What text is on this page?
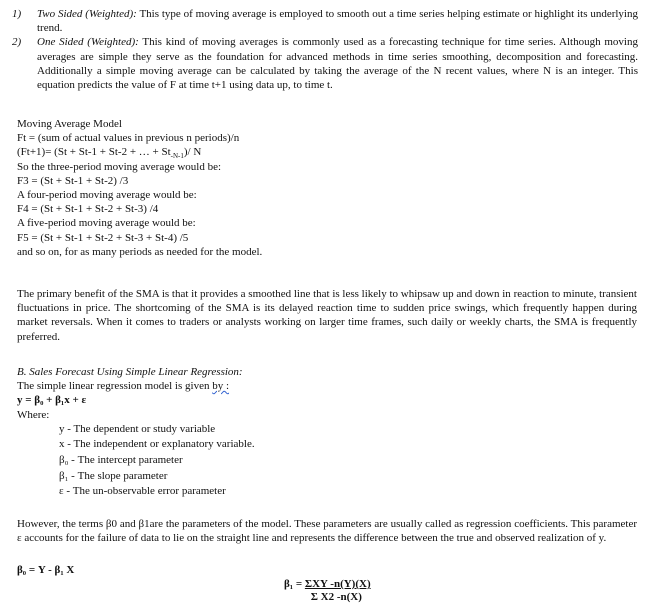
1)	Two Sided (Weighted): This type of moving average is employed to smooth out a time series helping estimate or highlight its underlying trend.
2)	One Sided (Weighted): This kind of moving averages is commonly used as a forecasting technique for time series. Although moving averages are simple they serve as the foundation for advanced methods in time series smoothing, decomposition and forecasting. Additionally a simple moving average can be calculated by taking the average of the N recent values, where N is an integer. This equation predicts the value of F at time t+1 using data up, to time t.
Moving Average Model
Ft = (sum of actual values in previous n periods)/n
(Ft+1)= (St + St-1 + St-2 + … + $St_{-N-1})/$ N
So the three-period moving average would be:
F3 = (St + St-1 + St-2) /3
A four-period moving average would be:
F4 = (St + St-1 + St-2 + St-3) /4
A five-period moving average would be:
F5 = (St + St-1 + St-2 + St-3 + St-4) /5
and so on, for as many periods as needed for the model.
The primary benefit of the SMA is that it provides a smoothed line that is less likely to whipsaw up and down in reaction to minute, transient fluctuations in price. The shortcoming of the SMA is its delayed reaction time to sudden price swings, which frequently happen during market reversals. When it comes to traders or analysts working on larger time frames, such daily or weekly charts, the SMA is frequently preferred.
B. Sales Forecast Using Simple Linear Regression:
The simple linear regression model is given by :
y = β₀ + β₁x + ε
Where:
y - The dependent or study variable
x - The independent or explanatory variable.
β₀ - The intercept parameter
β₁ - The slope parameter
ε - The un-observable error parameter
However, the terms β0 and β1are the parameters of the model. These parameters are usually called as regression coefficients. This parameter ε accounts for the failure of data to lie on the straight line and represents the difference between the true and observed realization of y.
β₀ = Y - β₁ X
β₁ = ΣXY -n(Y)(X)
Σ X2 -n(X)
